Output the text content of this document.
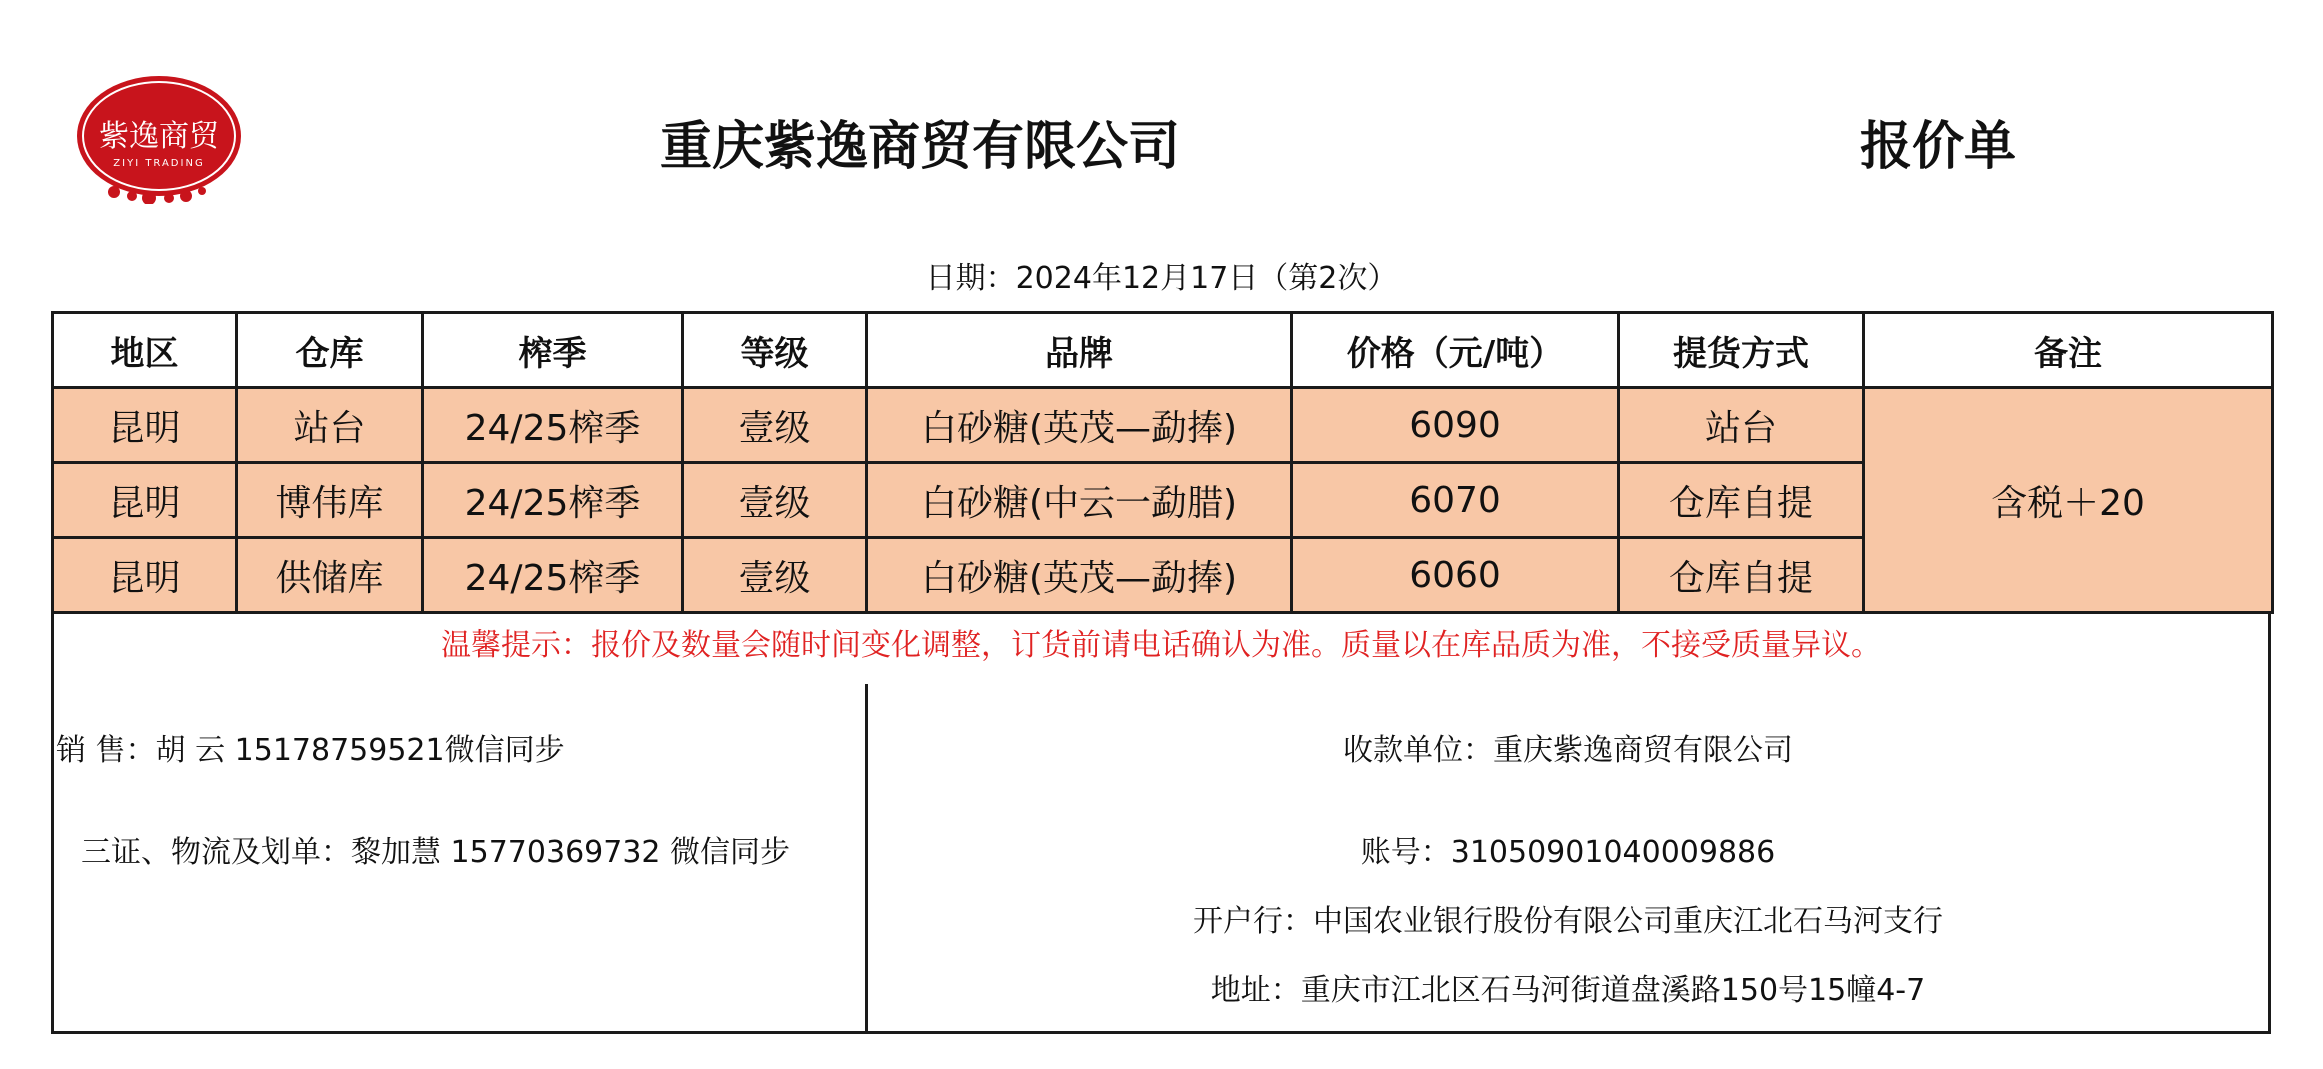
紫逸商贸
ZIYI TRADING	重庆紫逸商贸有限公司	报价单
日期：2024年12月17日（第2次）
地区	仓库	榨季	等级	品牌	价格（元/吨）	提货方式	备注
昆明	站台	24/25榨季	壹级	白砂糖(英茂—勐捧)	6090	站台	含税＋20
昆明	博伟库	24/25榨季	壹级	白砂糖(中云一勐腊)	6070	仓库自提	
昆明	供储库	24/25榨季	壹级	白砂糖(英茂—勐捧)	6060	仓库自提	
温馨提示：报价及数量会随时间变化调整，订货前请电话确认为准。质量以在库品质为准，不接受质量异议。
销 售：胡 云 15178759521微信同步
三证、物流及划单：黎加慧 15770369732 微信同步
收款单位：重庆紫逸商贸有限公司
账号：31050901040009886
开户行：中国农业银行股份有限公司重庆江北石马河支行
地址：重庆市江北区石马河街道盘溪路150号15幢4-7
